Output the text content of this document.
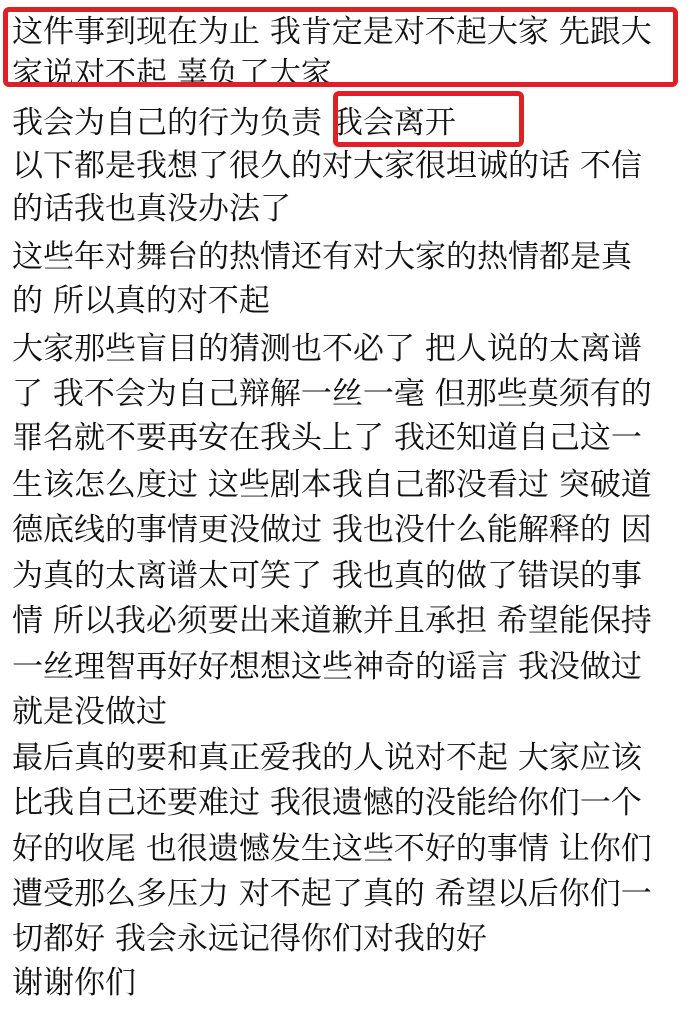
这件事到现在为止 我肯定是对不起大家 先跟大
家说对不起 辜负了大家
我会为自己的行为负责 我会离开
以下都是我想了很久的对大家很坦诚的话 不信
的话我也真没办法了
这些年对舞台的热情还有对大家的热情都是真
的 所以真的对不起
大家那些盲目的猜测也不必了 把人说的太离谱
了 我不会为自己辩解一丝一毫 但那些莫须有的
罪名就不要再安在我头上了 我还知道自己这一
生该怎么度过 这些剧本我自己都没看过 突破道
德底线的事情更没做过 我也没什么能解释的 因
为真的太离谱太可笑了 我也真的做了错误的事
情 所以我必须要出来道歉并且承担 希望能保持
一丝理智再好好想想这些神奇的谣言 我没做过
就是没做过
最后真的要和真正爱我的人说对不起 大家应该
比我自己还要难过 我很遗憾的没能给你们一个
好的收尾 也很遗憾发生这些不好的事情 让你们
遭受那么多压力 对不起了真的 希望以后你们一
切都好 我会永远记得你们对我的好
谢谢你们
